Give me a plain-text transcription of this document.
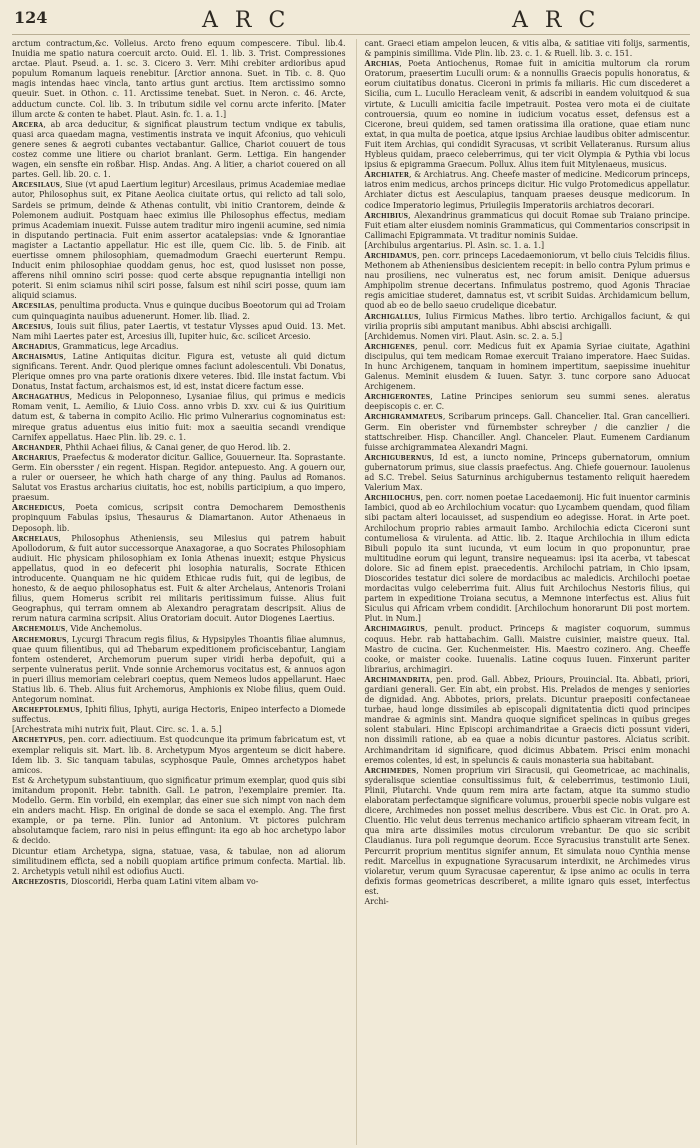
124	A R C	A R C

arctum contractum,&c. Volleius. Arcto freno equum compescere. Tibul. lib.4. Inuidia me spatio natura coercuit arcto. Ouid. El. 1. lib. 3. Trist. Compressiones arctae. Plaut. Pseud. a. 1. sc. 3. Cicero 3. Verr. Mihi crebiter ardioribus apud populum Romanum laqueis renebitur. [Arctior annona. Suet. in Tib. c. 8. Quo magis intendas haec vincla, tanto artius gunt arctius. Item arctissimo somno queuir. Suet. in Othon. c. 11. Arctissime tenebat. Suet. in Neron. c. 46. Arcte, adductum cuncte. Col. lib. 3. In tributum sidile vel cornu arcte inferito. [Mater illum arcte & conten te habet. Plaut. Asin. fc. 1. a. 1.]

Arcera, ab arca deducitur, & significat plaustrum tectum vndique ex tabulis, quasi arca quaedam magna, vestimentis instrata ve inquit Afconius, quo vehiculi genere senes & aegroti cubantes vectabantur. Gallice, Chariot couuert de tous costez comme une litiere ou chariot branlant. Germ. Lettiga. Ein hangender wagen, ein sensfte ein roßbar. Hisp. Andas. Ang. A litier, a chariot couered on all partes. Gell. lib. 20. c. 1.

Arcesilaus, Siue (vt apud Laertium legitur) Arcesilaus, primus Academiae mediae autor, Philosophus suit, ex Pitane Aeolica ciuitate ortus, qui relicto ad tali solo, Sardeis se primum, deinde & Athenas contulit, vbi initio Crantorem, deinde & Polemonem audiuit. Postquam haec eximius ille Philosophus effectus, mediam primus Academiam inuexit. Fuisse autem traditur miro ingenii acumine, sed nimia in disputando pertinacia. Fuit enim assertor acatalepsias: vnde & Ignorantiae magister a Lactantio appellatur. Hic est ille, quem Cic. lib. 5. de Finib. ait euertisse omnem philosophiam, quemadmodum Graechi euerterunt Rempu. Inducit enim philosophiae quoddam genus, hoc est, quod lusisset non posse, afferens nihil omnino sciri posse: quod certe absque repugnantia intelligi non poterit. Si enim sciamus nihil sciri posse, falsum est nihil sciri posse, quum iam aliquid sciamus.

Arcesilas, penultima producta. Vnus e quinque ducibus Boeotorum qui ad Troiam cum quinquaginta nauibus aduenerunt. Homer. lib. Iliad. 2.

Arcesius, Iouis suit filius, pater Laertis, vt testatur Vlysses apud Ouid. 13. Met. Nam mihi Laertes pater est, Arcesius illi, Iupiter huic, &c. scilicet Arcesio.

Archadius, Grammaticus, lege Arcadius.

Archaismus, Latine Antiquitas dicitur. Figura est, vetuste ali quid dictum significans. Terent. Andr. Quod plerique omnes faciunt adolescentuli. Vbi Donatus, Plerique omnes pro vna parte orationis dixere veteres. Ibid. Ille instat factum. Vbi Donatus, Instat factum, archaismos est, id est, instat dicere factum esse.

Archagathus, Medicus in Peloponneso, Lysaniae filius, qui primus e medicis Romam venit, L. Aemilio, & Liuio Coss. anno vrbis D. xxv. cui & ius Quiritium datum est, & taberna in compito Acilio. Hic primo Vulnerarius cognominatus est: mireque gratus aduentus eius initio fuit: mox a saeuitia secandi vrendique Carnifex appellatus. Haec Plin. lib. 29. c. 1.

Archander, Phthii Achaei filius, & Canai gener, de quo Herod. lib. 2.

Archarius, Praefectus & moderator dicitur. Gallice, Gouuerneur. Ita. Soprastante. Germ. Ein obersster / ein regent. Hispan. Regidor. antepuesto. Ang. A gouern our, a ruler or ouerseer, he which hath charge of any thing. Paulus ad Romanos. Salutat vos Erastus archarius ciuitatis, hoc est, nobilis participium, a quo impero, praesum.

Archedicus, Poeta comicus, scripsit contra Democharem Demosthenis propinquum Fabulas ipsius, Thesaurus & Diamartanon. Autor Athenaeus in Deposoph. lib.

Archelaus, Philosophus Atheniensis, seu Milesius qui patrem habuit Apollodorum, & fuit autor successorque Anaxagorae, a quo Socrates Philosophiam audiuit. Hic physicam philosophiam ex Ionia Athenas inuexit; estque Physicus appellatus, quod in eo defecerit phi losophia naturalis, Socrate Ethicen introducente. Quanquam ne hic quidem Ethicae rudis fuit, qui de legibus, de honesto, & de aequo philosophatus est. Fuit & alter Archelaus, Antenoris Troiani filius, quem Homerus scribit rei militaris peritissimum fuisse. Alius fuit Geographus, qui terram omnem ab Alexandro peragratam descripsit. Alius de rerum natura carmina scripsit. Alius Oratoriam docuit. Autor Diogenes Laertius.

Archemolus, Vide Anchemolus.

Archemorus, Lycurgi Thracum regis filius, & Hypsipyles Thoantis filiae alumnus, quae quum filientibus, qui ad Thebarum expeditionem proficiscebantur, Langiam fontem ostenderet, Archemorum puerum super viridi herba depofuit, qui a serpente vulneratus periit. Vnde sonnie Archemorus vocitatus est, & annuos agon in pueri illius memoriam celebrari coeptus, quem Nemeos ludos appellarunt. Haec Statius lib. 6. Theb. Alius fuit Archemorus, Amphionis ex Niobe filius, quem Ouid. Antegorum nominat.

Archeptolemus, Iphiti filius, Iphyti, auriga Hectoris, Enipeo interfecto a Diomede suffectus.

[Archestrata mihi nutrix fuit, Plaut. Circ. sc. 1. a. 5.]

Archetypus, pen. corr. adiectiuum. Est quodcunque ita primum fabricatum est, vt exemplar reliquis sit. Mart. lib. 8. Archetypum Myos argenteum se dicit habere. Idem lib. 3. Sic tanquam tabulas, scyphosque Paule, Omnes archetypos habet amicos.

Est & Archetypum substantiuum, quo significatur primum exemplar, quod quis sibi imitandum proponit. Hebr. tabnith. Gall. Le patron, l'exemplaire premier. Ita. Modello. Germ. Ein vorbild, ein exemplar, das einer sue sich nimpt von nach dem ein anders macht. Hisp. En original de donde se saca el exemplo. Ang. The first example, or pa terne. Plin. Iunior ad Antonium. Vt pictores pulchram absolutamque faciem, raro nisi in peius effingunt: ita ego ab hoc archetypo labor & decido.

Dicuntur etiam Archetypa, signa, statuae, vasa, & tabulae, non ad aliorum similitudinem efficta, sed a nobili quopiam artifice primum confecta. Martial. lib. 2. Archetypis vetuli nihil est odiofius Aucti.

Archezostis, Dioscoridi, Herba quam Latini vitem albam vo-

cant. Graeci etiam ampelon leucen, & vitis alba, & satitiae viti folijs, sarmentis, & pampinis simillima. Vide Plin. lib. 23. c. 1. & Ruell. lib. 3. c. 151.

Archias, Poeta Antiochenus, Romae fuit in amicitia multorum cla rorum Oratorum, praesertim Luculli orum: & a nonnullis Graecis populis honoratus, & eorum ciuitatibus donatus. Ciceroni in primis fa miliaris. Hic cum discederet a Sicilia, cum L. Lucullo Heracleam venit, & adscribi in eandem voluitquod & sua virtute, & Luculli amicitia facile impetrauit. Postea vero mota ei de ciuitate controuersia, quum eo nomine in iudicium vocatus esset, defensus est a Cicerone, breui quidem, sed tamen oratissima illa oratione, quae etiam nunc extat, in qua multa de poetica, atque ipsius Archiae laudibus obiter admiscentur. Fuit item Archias, qui condidit Syracusas, vt scribit Vellateranus. Rursum alius Hybleus quidam, praeco celeberrimus, qui ter vicit Olympia & Pythia vbi locus ipsius & epigramma Graecum. Pollux. Alius item fuit Mitylenaeus, musicus.

Archiater, & Archiatrus. Ang. Cheefe master of medicine. Medicorum princeps, iatros enim medicus, archos princeps dicitur. Hic vulgo Protomedicus appellatur. Archiater dictus est Aesculapius, tanquam praeses deusque medicorum. In codice Imperatorio legimus, Priuilegiis Imperatoriis archiatros decorari.

Archibius, Alexandrinus grammaticus qui docuit Romae sub Traiano principe. Fuit etiam alter eiusdem nominis Grammaticus, qui Commentarios conscripsit in Callimachi Epigrammata. Vt traditur nominis Suidae.

[Archibulus argentarius. Pl. Asin. sc. 1. a. 1.]

Archidamus, pen. corr. princeps Lacedaemoniorum, vt bello ciuis Telcidis filius. Methonem ab Atheniensibus desicientem recepit: in bello contra Pylum primus e nau prosiliens, nec vulneratus est, nec forum amisit. Denique aduersus Amphipolim strenue decertans. Infimulatus postremo, quod Agonis Thraciae regis amicitiae studeret, damnatus est, vt scribit Suidas. Archidamicum bellum, quod ab eo de bello saeuo crudelique dicebatur.

Archigallus, Iulius Firmicus Mathes. libro tertio. Archigallos faciunt, & qui virilia propriis sibi amputant manibus. Abhi abscisi archigalli.

[Archidemus. Nomen viri. Plaut. Asin. sc. 2. a. 5.]

Archigenes, penul. corr. Medicus fuit ex Apamia Syriae ciuitate, Agathini discipulus, qui tem medicam Romae exercuit Traiano imperatore. Haec Suidas. In hunc Archigenem, tanquam in hominem impertitum, saepissime inuehitur Galenus. Meminit eiusdem & Iuuen. Satyr. 3. tunc corpore sano Aduocat Archigenem.

Archigerontes, Latine Principes seniorum seu summi senes. aleratus deepiscopis c. er. C.

Archigrammateus, Scribarum princeps. Gall. Chancelier. Ital. Gran cancellieri. Germ. Ein oberister vnd fürnembster schreyber / die canzlier / die stattschreiber. Hisp. Chanciller. Angl. Chanceler. Plaut. Eumenem Cardianum fuisse archigrammatea Alexandri Magni.

Archigubernus, Id est, a iuncto nomine, Princeps gubernatorum, omnium gubernatorum primus, siue classis praefectus. Ang. Chiefe gouernour. Iauolenus ad S.C. Trebel. Seius Saturninus archigubernus testamento reliquit haeredem Valerium Max.

Archilochus, pen. corr. nomen poetae Lacedaemonij. Hic fuit inuentor carminis Iambici, quod ab eo Archilochium vocatur: quo Lycambem quendam, quod filiam sibi pactam alteri locauisset, ad suspendium eo adegisse. Horat. in Arte poet. Archilochum proprio rabies armauit Iambo. Archilochia edicta Ciceroni sunt contumeliosa & virulenta. ad Attic. lib. 2. Itaque Archilochia in illum edicta Bibuli populo ita sunt iucunda, vt eum locum in quo proponuntur, prae multitudine eorum qui legunt, transire nequeamus: ipsi ita acerba, vt tabescat dolore. Sic ad finem epist. praecedentis. Archilochi patriam, in Chio ipsam, Dioscorides testatur dici solere de mordacibus ac maledicis. Archilochi poetae mordacitas vulgo celeberrima fuit. Alius fuit Archilochus Nestoris filius, qui partem in expeditione Troiana secutus, a Memnone interfectus est. Alius fuit Siculus qui Africam vrbem condidit. [Archilochum honorarunt Dii post mortem. Plut. in Num.]

Archimagirus, penult. product. Princeps & magister coquorum, summus coquus. Hebr. rab hattabachim. Galli. Maistre cuisinier, maistre queux. Ital. Mastro de cucina. Ger. Kuchenmeister. His. Maestro cozinero. Ang. Cheeffe cooke, or maister cooke. Iuuenalis. Latine coquus Iuuen. Finxerunt pariter librarius, archimagiri.

Archimandrita, pen. prod. Gall. Abbez, Priours, Prouincial. Ita. Abbati, priori, gardiani generali. Ger. Ein abt, ein probst. His. Prelados de menges y seniories de dignidad. Ang. Abbotes, priors, prelats. Dicuntur praepositi confectaneae turbae, haud longe dissimiles ab episcopali dignitatentia dicti quod principes mandrae & agminis sint. Mandra quoque significet spelincas in quibus greges solent stabulari. Hinc Episcopi archimandritae a Graecis dicti possunt videri, non dissimili ratione, ab ea quae a nobis dicuntur pastores. Alciatus scribit. Archimandritam id significare, quod dicimus Abbatem. Prisci enim monachi eremos colentes, id est, in speluncis & cauis monasteria sua habitabant.

Archimedes, Nomen proprium viri Siracusii, qui Geometricae, ac machinalis, syderalisque scientiae consultissimus fuit, & celeberrimus, testimonio Liuii, Plinii, Plutarchi. Vnde quum rem mira arte factam, atque ita summo studio elaboratam perfectamque significare volumus, prouerbii specie nobis vulgare est dicere, Archimedes non posset melius describere. Vbus est Cic. in Orat. pro A. Cluentio. Hic velut deus terrenus mechanico artificio sphaeram vitream fecit, in qua mira arte dissimiles motus circulorum vrebantur. De quo sic scribit Claudianus. Iura poli regumque deorum. Ecce Syracusius transtulit arte Senex. Percurrit proprium mentitus signifer annum, Et simulata nouo Cynthia mense redit. Marcellus in expugnatione Syracusarum interdixit, ne Archimedes virus violaretur, verum quum Syracusae caperentur, & ipse animo ac oculis in terra defixis formas geometricas describeret, a milite ignaro quis esset, interfectus est.

Archi-
